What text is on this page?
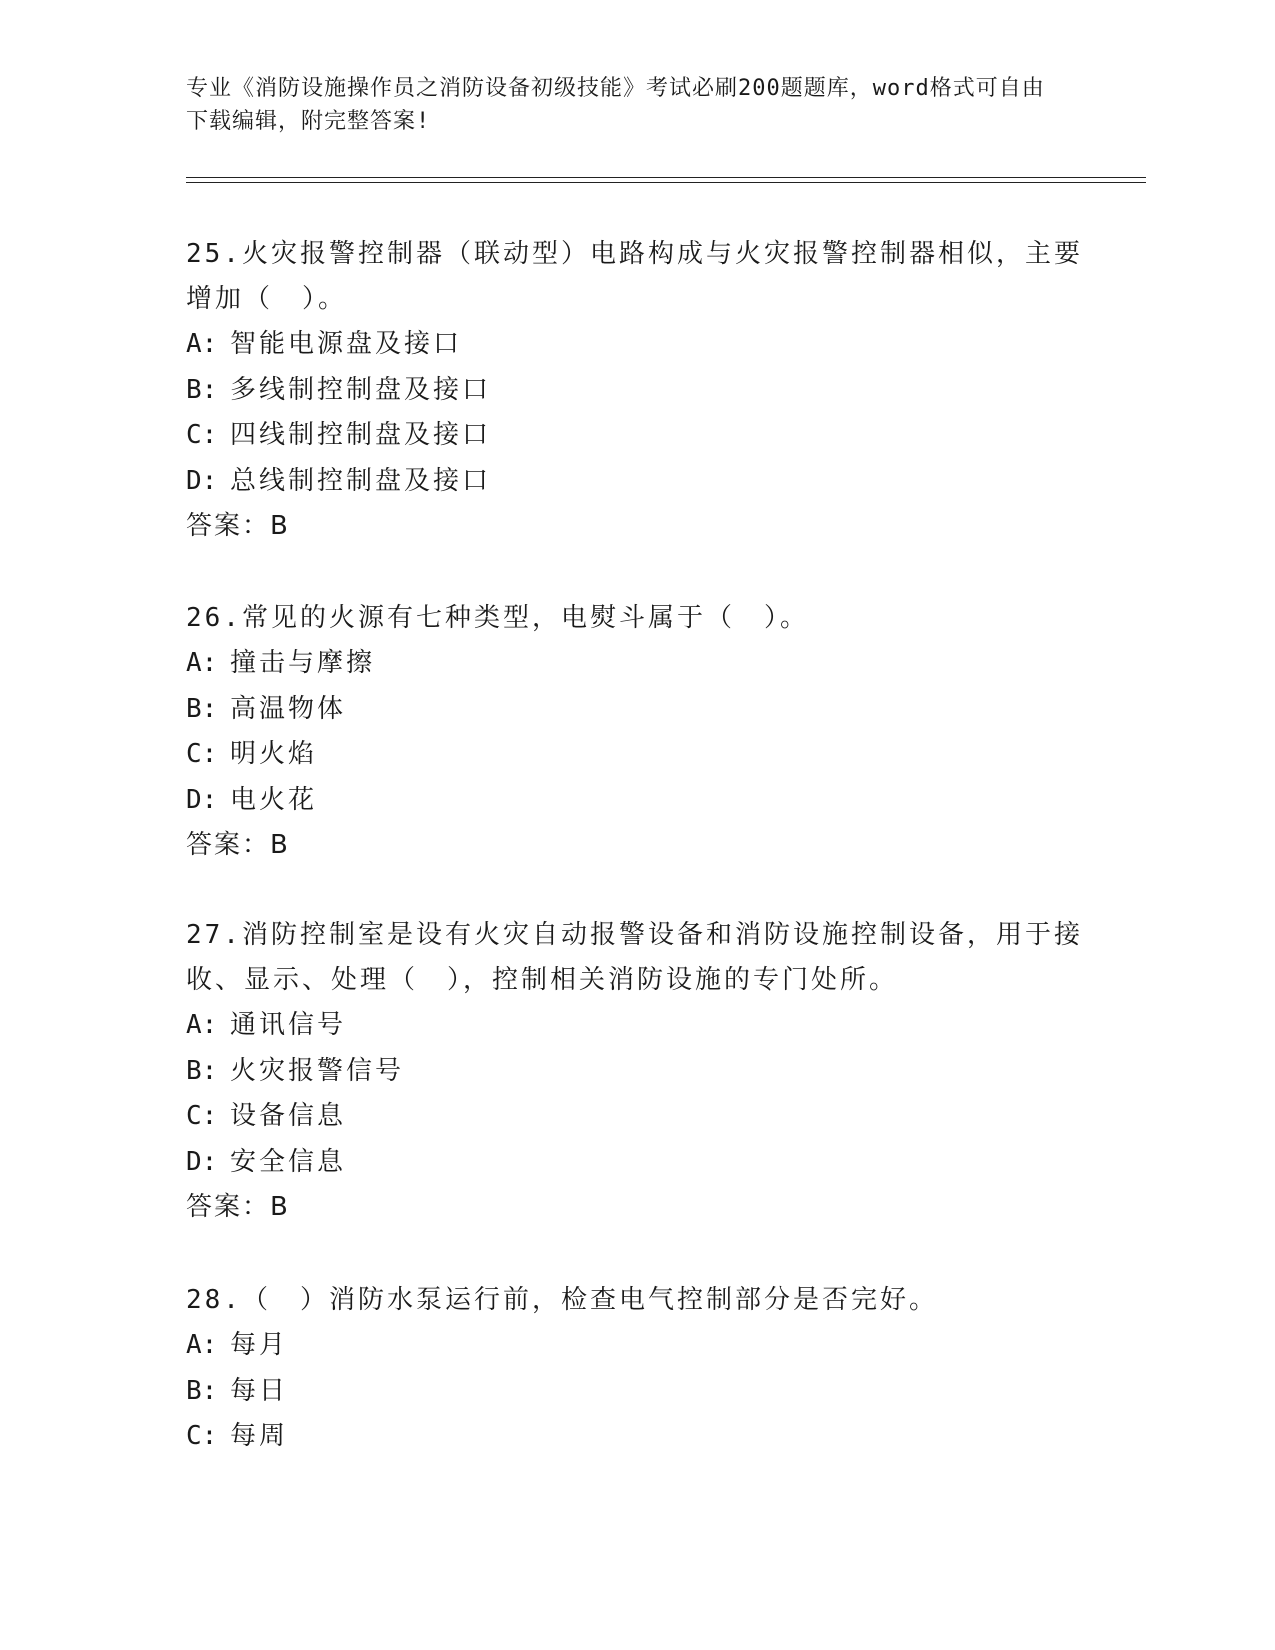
专业《消防设施操作员之消防设备初级技能》考试必刷200题题库，word格式可自由下载编辑，附完整答案!
25.火灾报警控制器（联动型）电路构成与火灾报警控制器相似，主要增加（　）。
A: 智能电源盘及接口
B: 多线制控制盘及接口
C: 四线制控制盘及接口
D: 总线制控制盘及接口
答案：B
26.常见的火源有七种类型，电熨斗属于（　）。
A: 撞击与摩擦
B: 高温物体
C: 明火焰
D: 电火花
答案：B
27.消防控制室是设有火灾自动报警设备和消防设施控制设备，用于接收、显示、处理（　），控制相关消防设施的专门处所。
A: 通讯信号
B: 火灾报警信号
C: 设备信息
D: 安全信息
答案：B
28.（　）消防水泵运行前，检查电气控制部分是否完好。
A: 每月
B: 每日
C: 每周
